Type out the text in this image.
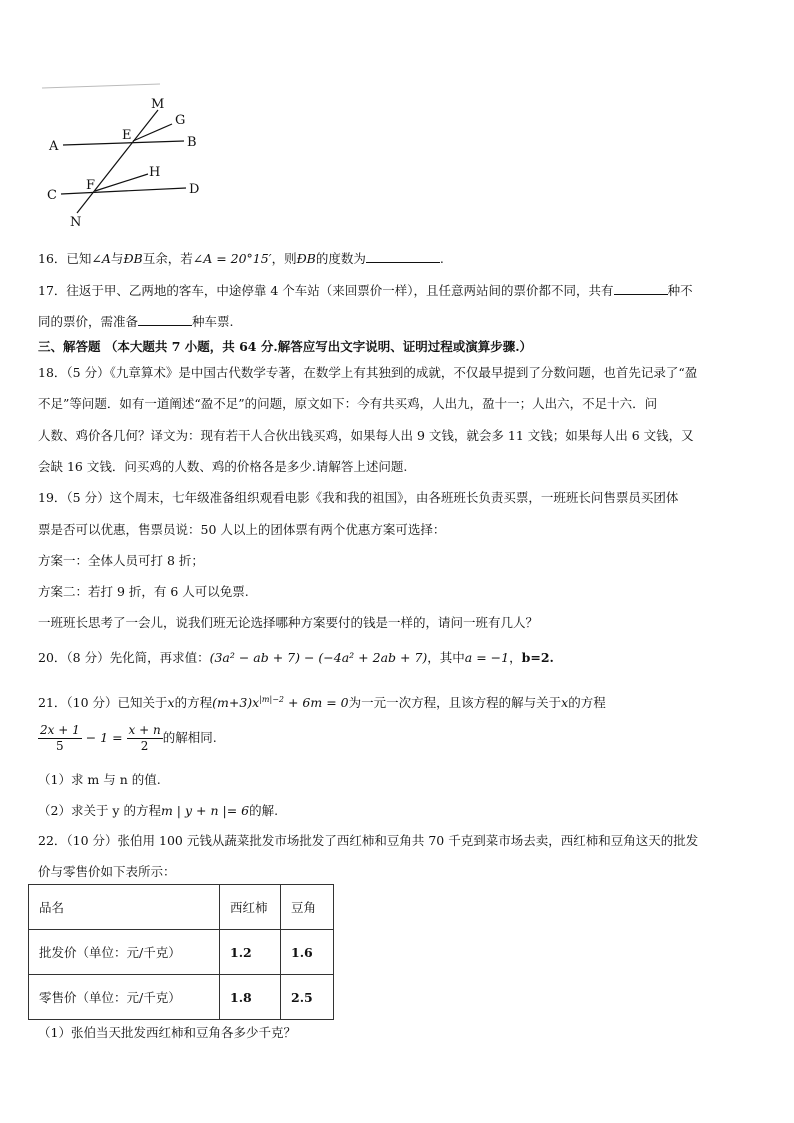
M
G
A
E	B
H
C
F	D
N
16．已知∠A与ÐB互余，若∠A = 20°15′，则ÐB的度数为	.
17．往返于甲、乙两地的客车，中途停靠 4 个车站（来回票价一样），且任意两站间的票价都不同，共有	种不
同的票价，需准备	种车票.
三、解答题 （本大题共 7 小题，共 64 分.解答应写出文字说明、证明过程或演算步骤.）
18．（5 分）《九章算术》是中国古代数学专著，在数学上有其独到的成就，不仅最早提到了分数问题，也首先记录了“盈
不足”等问题．如有一道阐述“盈不足”的问题，原文如下：今有共买鸡，人出九，盈十一；人出六，不足十六．问
人数、鸡价各几何？译文为：现有若干人合伙出钱买鸡，如果每人出 9 文钱，就会多 11 文钱；如果每人出 6 文钱，又
会缺 16 文钱．问买鸡的人数、鸡的价格各是多少.请解答上述问题.
19．（5 分）这个周末，七年级准备组织观看电影《我和我的祖国》，由各班班长负责买票，一班班长问售票员买团体
票是否可以优惠，售票员说：50 人以上的团体票有两个优惠方案可选择：
方案一：全体人员可打 8 折；
方案二：若打 9 折，有 6 人可以免票.
一班班长思考了一会儿，说我们班无论选择哪种方案要付的钱是一样的，请问一班有几人？
20．（8 分）先化简，再求值：(3a² − ab + 7) − (−4a² + 2ab + 7)，其中a = −1，b=2.
21．（10 分）已知关于x的方程$(m+3)x^{|m|-2} + 6m = 0$为一元一次方程，且该方程的解与关于x的方程
$\frac{2x + 1}{5} - 1 = \frac{x + n}{2}$ 的解相同.
（1）求 m 与 n 的值.
（2）求关于 y 的方程m | y + n |= 6的解.
22．（10 分）张伯用 100 元钱从蔬菜批发市场批发了西红柿和豆角共 70 千克到菜市场去卖，西红柿和豆角这天的批发
价与零售价如下表所示：
品名	西红柿	豆角
批发价（单位：元/千克）	1.2	1.6
零售价（单位：元/千克）	1.8	2.5
（1）张伯当天批发西红柿和豆角各多少千克？
